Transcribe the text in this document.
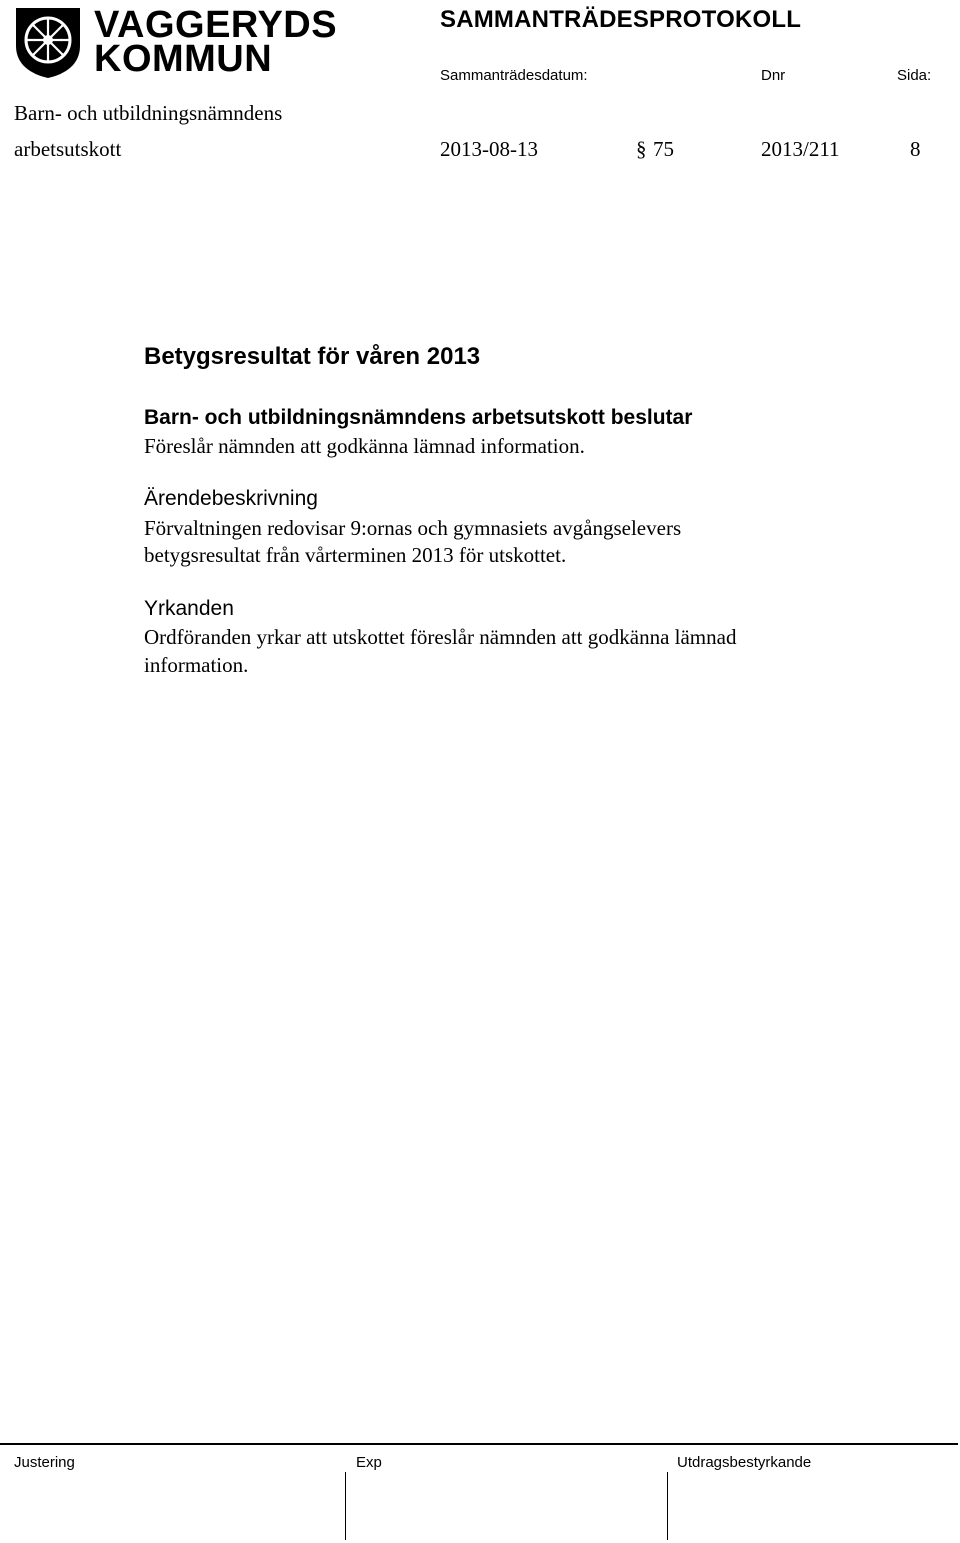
VAGGERYDS
KOMMUN
SAMMANTRÄDESPROTOKOLL
Sammanträdesdatum:	Dnr	Sida:
Barn- och utbildningsnämndens
arbetsutskott	2013-08-13	§ 75	2013/211	8
Betygsresultat för våren 2013
Barn- och utbildningsnämndens arbetsutskott beslutar
Föreslår nämnden att godkänna lämnad information.
Ärendebeskrivning
Förvaltningen redovisar 9:ornas och gymnasiets avgångselevers
betygsresultat från vårterminen 2013 för utskottet.
Yrkanden
Ordföranden yrkar att utskottet föreslår nämnden att godkänna lämnad
information.
Justering	Exp	Utdragsbestyrkande
